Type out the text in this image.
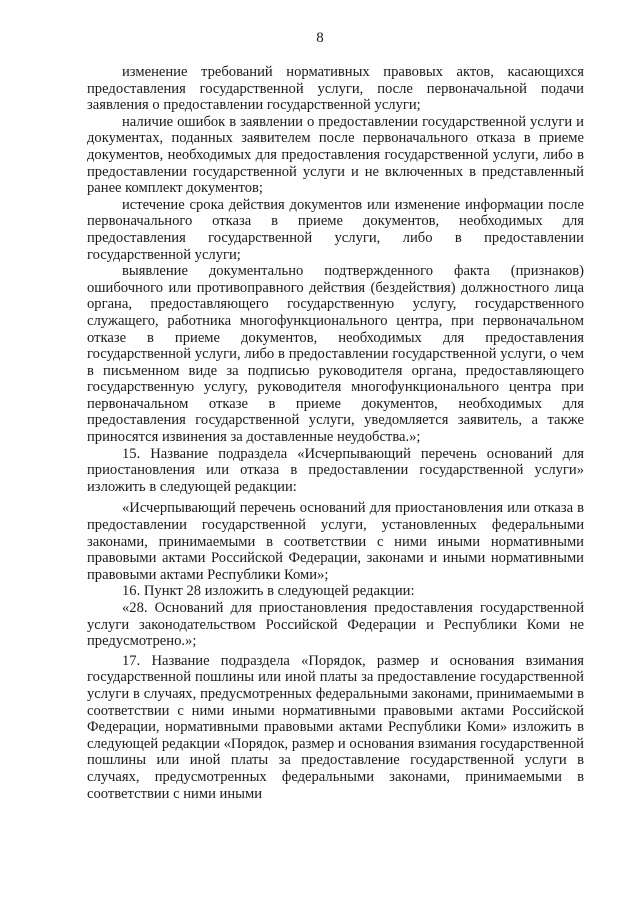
8

изменение требований нормативных правовых актов, касающихся предоставления государственной услуги, после первоначальной подачи заявления о предоставлении государственной услуги;

наличие ошибок в заявлении о предоставлении государственной услуги и документах, поданных заявителем после первоначального отказа в приеме документов, необходимых для предоставления государственной услуги, либо в предоставлении государственной услуги и не включенных в представленный ранее комплект документов;

истечение срока действия документов или изменение информации после первоначального отказа в приеме документов, необходимых для предоставления государственной услуги, либо в предоставлении государственной услуги;

выявление документально подтвержденного факта (признаков) ошибочного или противоправного действия (бездействия) должностного лица органа, предоставляющего государственную услугу, государственного служащего, работника многофункционального центра, при первоначальном отказе в приеме документов, необходимых для предоставления государственной услуги, либо в предоставлении государственной услуги, о чем в письменном виде за подписью руководителя органа, предоставляющего государственную услугу, руководителя многофункционального центра при первоначальном отказе в приеме документов, необходимых для предоставления государственной услуги, уведомляется заявитель, а также приносятся извинения за доставленные неудобства.»;

15. Название подраздела «Исчерпывающий перечень оснований для приостановления или отказа в предоставлении государственной услуги» изложить в следующей редакции:

«Исчерпывающий перечень оснований для приостановления или отказа в предоставлении государственной услуги, установленных федеральными законами, принимаемыми в соответствии с ними иными нормативными правовыми актами Российской Федерации, законами и иными нормативными правовыми актами Республики Коми»;

16. Пункт 28 изложить в следующей редакции:

«28. Оснований для приостановления предоставления государственной услуги законодательством Российской Федерации и Республики Коми не предусмотрено.»;

17. Название подраздела «Порядок, размер и основания взимания государственной пошлины или иной платы за предоставление государственной услуги в случаях, предусмотренных федеральными законами, принимаемыми в соответствии с ними иными нормативными правовыми актами Российской Федерации, нормативными правовыми актами Республики Коми» изложить в следующей редакции «Порядок, размер и основания взимания государственной пошлины или иной платы за предоставление государственной услуги в случаях, предусмотренных федеральными законами, принимаемыми в соответствии с ними иными
